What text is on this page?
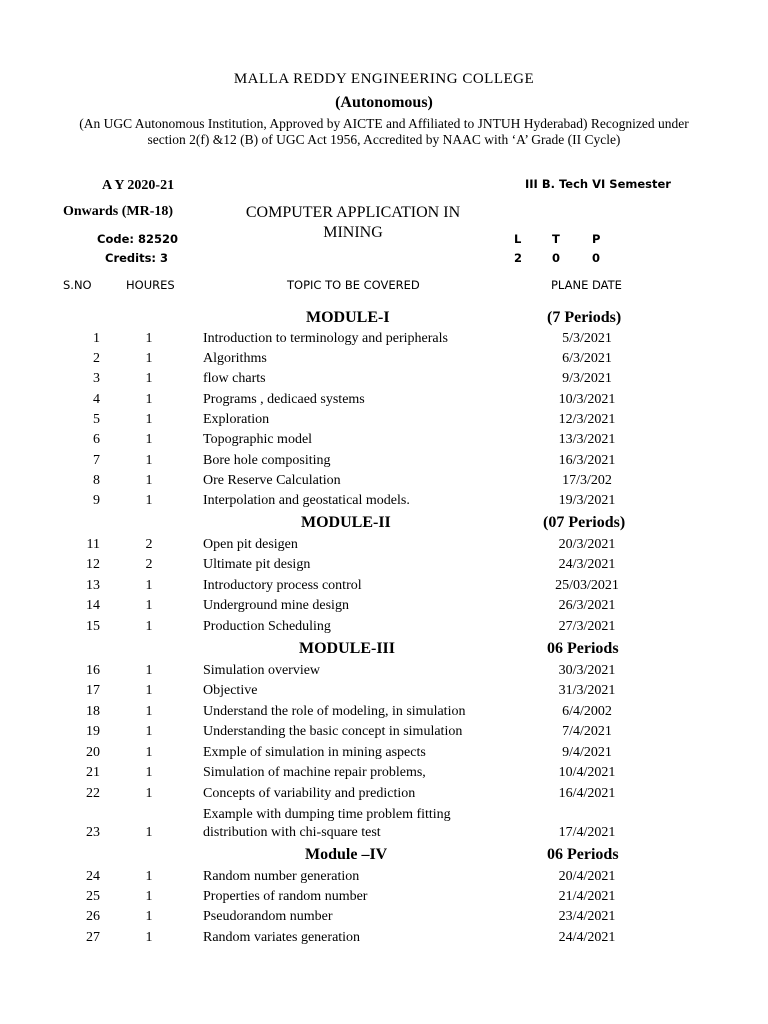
MALLA REDDY ENGINEERING COLLEGE
(Autonomous)
(An UGC Autonomous Institution, Approved by AICTE and Affiliated to JNTUH Hyderabad) Recognized under section 2(f) &12 (B) of UGC Act 1956, Accredited by NAAC with ‘A’ Grade (II Cycle)
A Y 2020-21
Onwards (MR-18)	COMPUTER APPLICATION IN MINING
III B. Tech VI Semester
Code: 82520
Credits: 3
L	T	P
2	0	0
S.NO	HOURES	TOPIC TO BE COVERED	PLANE DATE
MODULE-I	(7 Periods)
1	1	Introduction to terminology and peripherals	5/3/2021
2	1	Algorithms	6/3/2021
3	1	flow charts	9/3/2021
4	1	Programs , dedicaed systems	10/3/2021
5	1	Exploration	12/3/2021
6	1	Topographic model	13/3/2021
7	1	Bore hole compositing	16/3/2021
8	1	Ore Reserve Calculation	17/3/202
9	1	Interpolation and geostatical models.	19/3/2021
MODULE-II	(07 Periods)
11	2	Open pit desigen	20/3/2021
12	2	Ultimate pit design	24/3/2021
13	1	Introductory process control	25/03/2021
14	1	Underground mine design	26/3/2021
15	1	Production Scheduling	27/3/2021
MODULE-III	06 Periods
16	1	Simulation overview	30/3/2021
17	1	Objective	31/3/2021
18	1	Understand the role of modeling, in simulation	6/4/2002
19	1	Understanding the basic concept in simulation	7/4/2021
20	1	Exmple of simulation in mining aspects	9/4/2021
21	1	Simulation of machine repair problems,	10/4/2021
22	1	Concepts of variability and prediction	16/4/2021
Example with dumping time problem fitting
23	1	distribution with chi-square test	17/4/2021
Module –IV	06 Periods
24	1	Random number generation	20/4/2021
25	1	Properties of random number	21/4/2021
26	1	Pseudorandom number	23/4/2021
27	1	Random variates generation	24/4/2021
